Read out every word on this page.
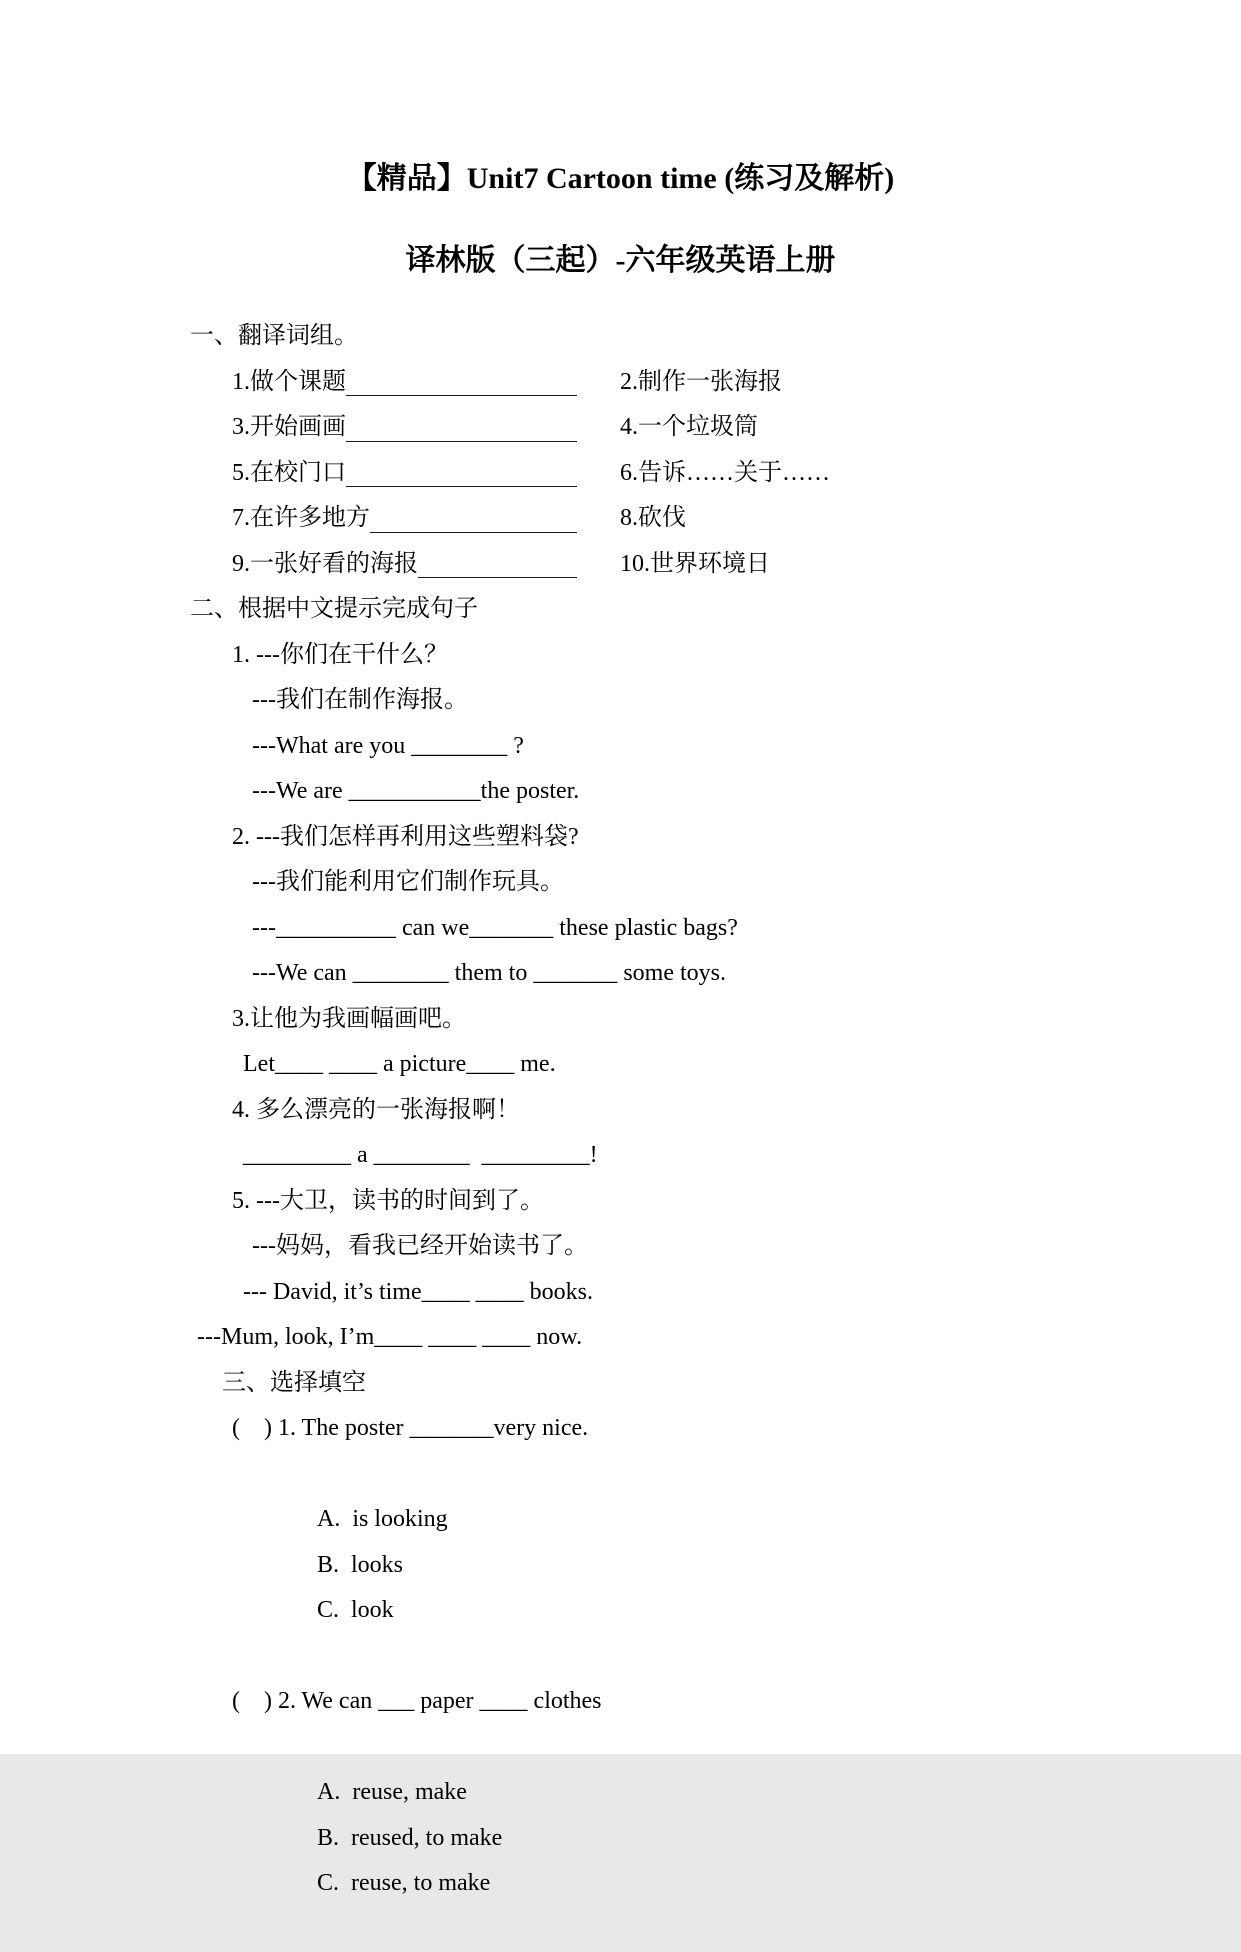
【精品】Unit7 Cartoon time (练习及解析)
译林版（三起）-六年级英语上册
一、翻译词组。
1.做个课题	2.制作一张海报
3.开始画画	4.一个垃圾筒
5.在校门口	6.告诉……关于……
7.在许多地方	8.砍伐
9.一张好看的海报	10.世界环境日
二、根据中文提示完成句子
1. ---你们在干什么？
---我们在制作海报。
---What are you ________ ?
---We are ___________the poster.
2. ---我们怎样再利用这些塑料袋?
---我们能利用它们制作玩具。
---__________ can we_______ these plastic bags?
---We can ________ them to _______ some toys.
3.让他为我画幅画吧。
Let____ ____ a picture____ me.
4. 多么漂亮的一张海报啊！
_________ a ________  _________!
5. ---大卫，读书的时间到了。
---妈妈，看我已经开始读书了。
--- David, it’s time____ ____ books.
---Mum, look, I’m____ ____ ____ now.
三、选择填空
(    ) 1. The poster _______very nice.

A.  is looking
B.  looks
C.  look

(    ) 2. We can ___ paper ____ clothes

A.  reuse, make
B.  reused, to make
C.  reuse, to make
